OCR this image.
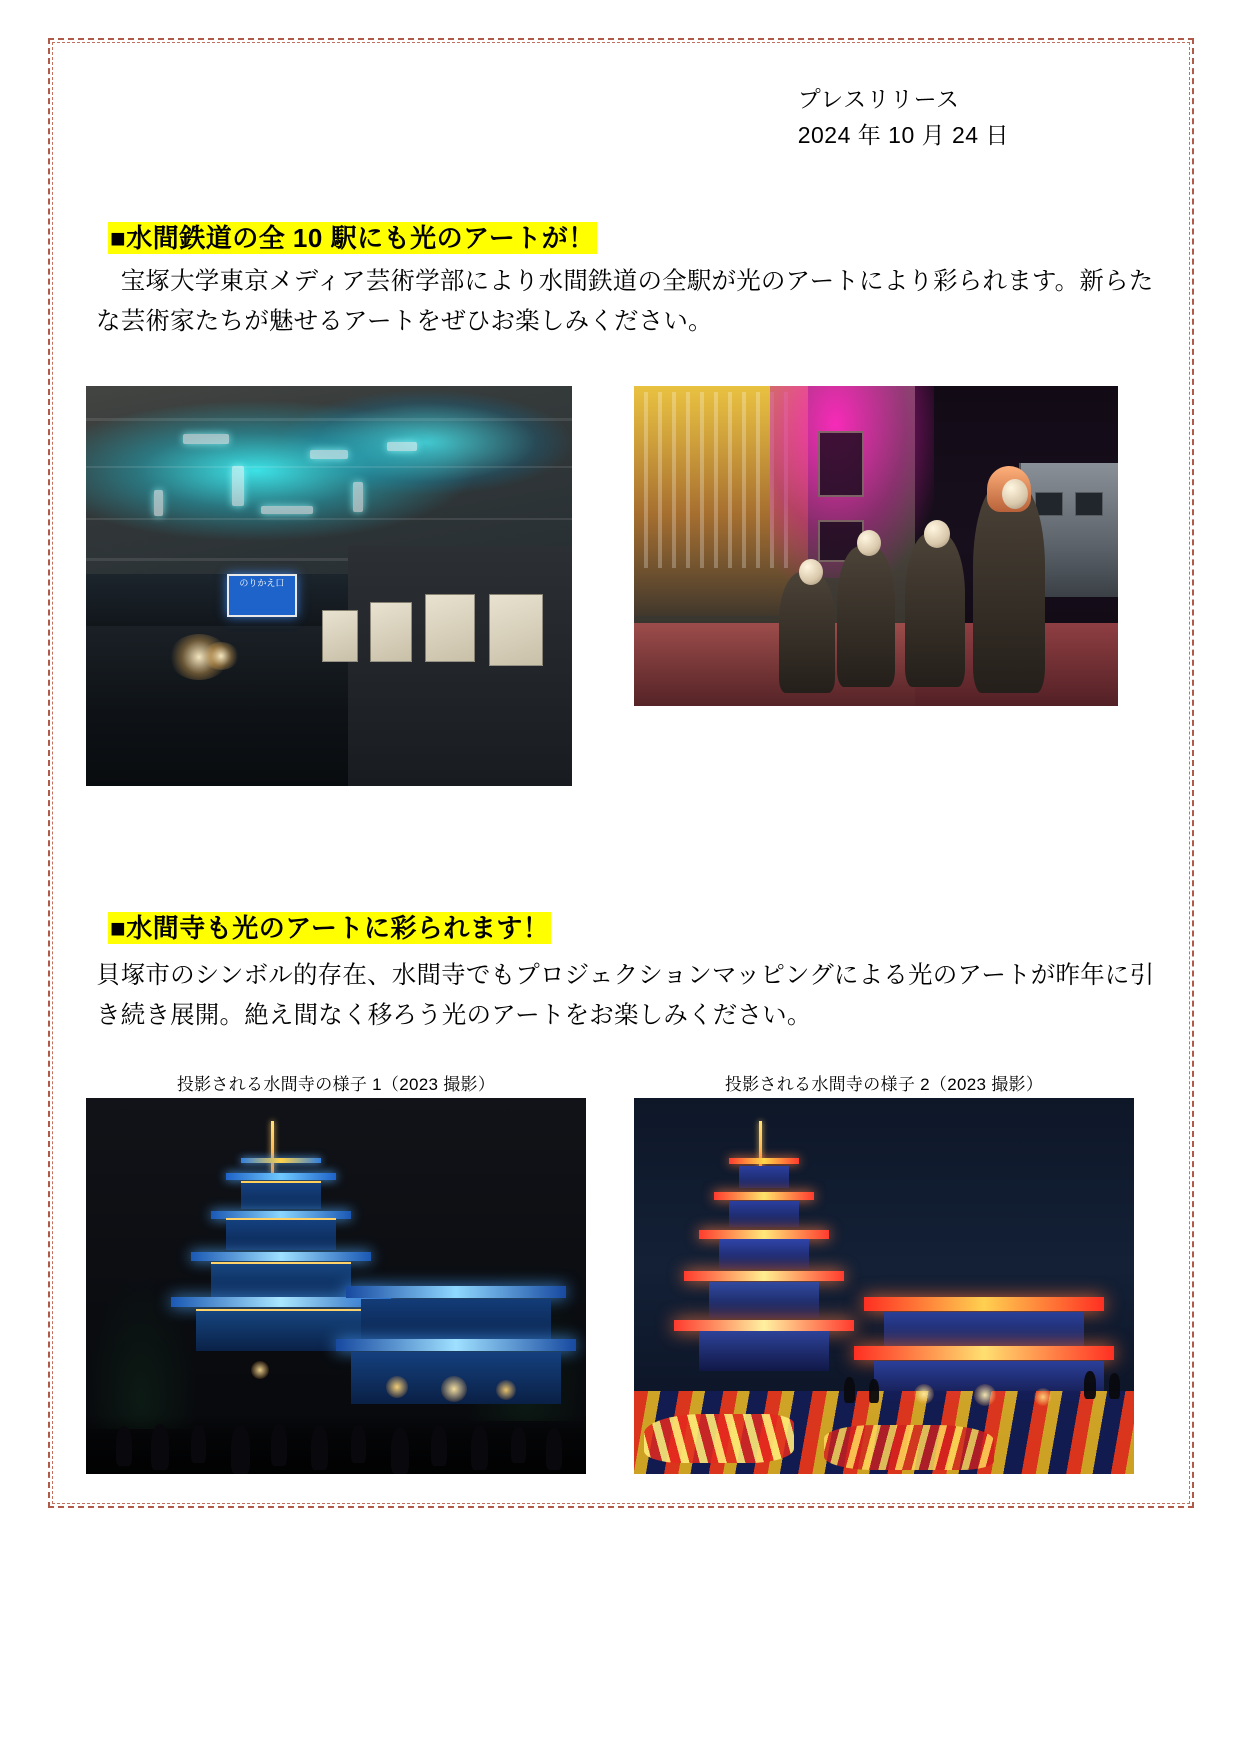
プレスリリース
2024 年 10 月 24 日
■水間鉄道の全 10 駅にも光のアートが！
　宝塚大学東京メディア芸術学部により水間鉄道の全駅が光のアートにより彩られます。新らたな芸術家たちが魅せるアートをぜひお楽しみください。
のりかえ口
■水間寺も光のアートに彩られます！
貝塚市のシンボル的存在、水間寺でもプロジェクションマッピングによる光のアートが昨年に引き続き展開。絶え間なく移ろう光のアートをお楽しみください。
投影される水間寺の様子 1（2023 撮影）	投影される水間寺の様子 2（2023 撮影）
